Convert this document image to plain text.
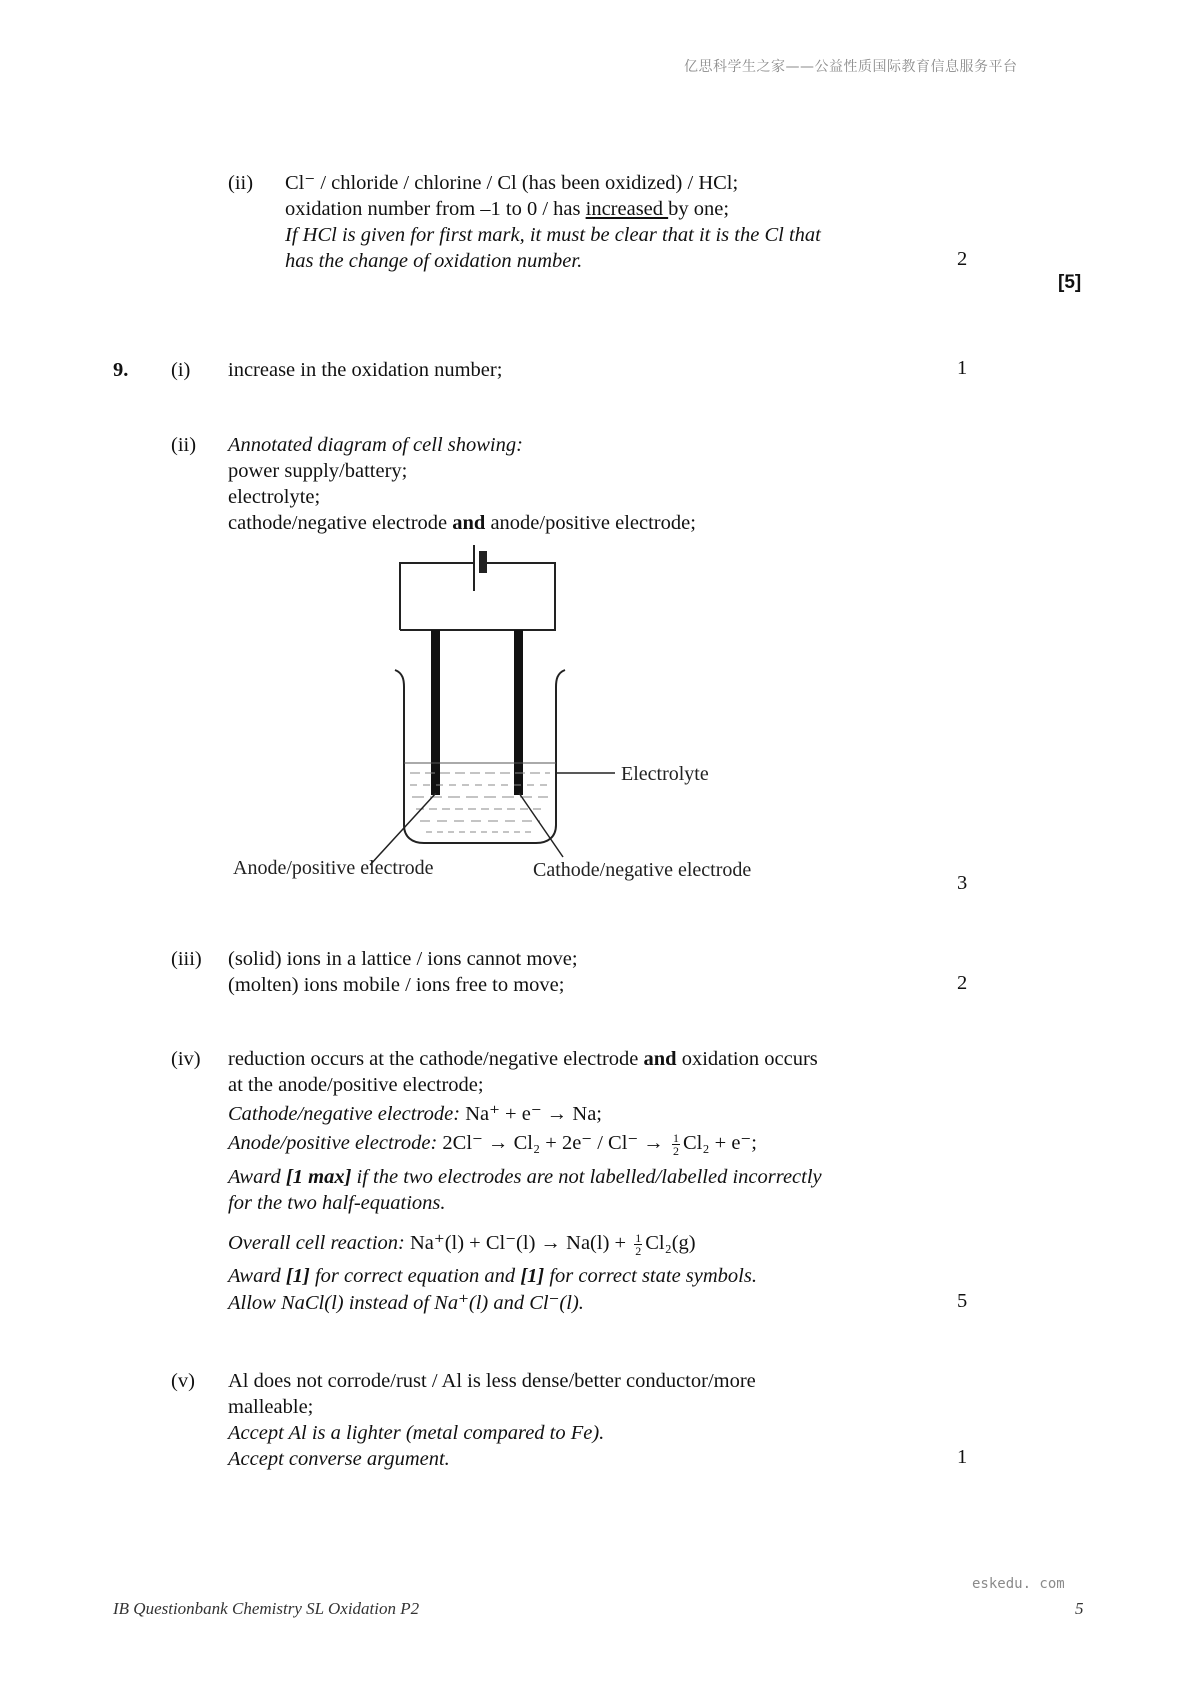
亿思科学生之家——公益性质国际教育信息服务平台
(ii) Cl⁻ / chloride / chlorine / Cl (has been oxidized) / HCl;
oxidation number from –1 to 0 / has increased by one;
If HCl is given for first mark, it must be clear that it is the Cl that
has the change of oxidation number.	2
[5]
9. (i) increase in the oxidation number;	1
(ii) Annotated diagram of cell showing:
power supply/battery;
electrolyte;
cathode/negative electrode and anode/positive electrode;
Electrolyte
Anode/positive electrode	Cathode/negative electrode
3
(iii) (solid) ions in a lattice / ions cannot move;
(molten) ions mobile / ions free to move;	2
(iv) reduction occurs at the cathode/negative electrode and oxidation occurs
at the anode/positive electrode;
Cathode/negative electrode: Na⁺ + e⁻ → Na;
Anode/positive electrode: $2Cl^- \to Cl_2 + 2e^- / Cl^- \to \frac{1}{2} Cl_2 + e^-$;
Award [1 max] if the two electrodes are not labelled/labelled incorrectly
for the two half-equations.
Overall cell reaction: $Na^+(l) + Cl^-(l) \to Na(l) + \frac{1}{2} Cl_2(g)$
Award [1] for correct equation and [1] for correct state symbols.
Allow NaCl(l) instead of Na⁺(l) and Cl⁻(l).	5
(v) Al does not corrode/rust / Al is less dense/better conductor/more
malleable;
Accept Al is a lighter (metal compared to Fe).
Accept converse argument.	1
eskedu. com
IB Questionbank Chemistry SL Oxidation P2	5
